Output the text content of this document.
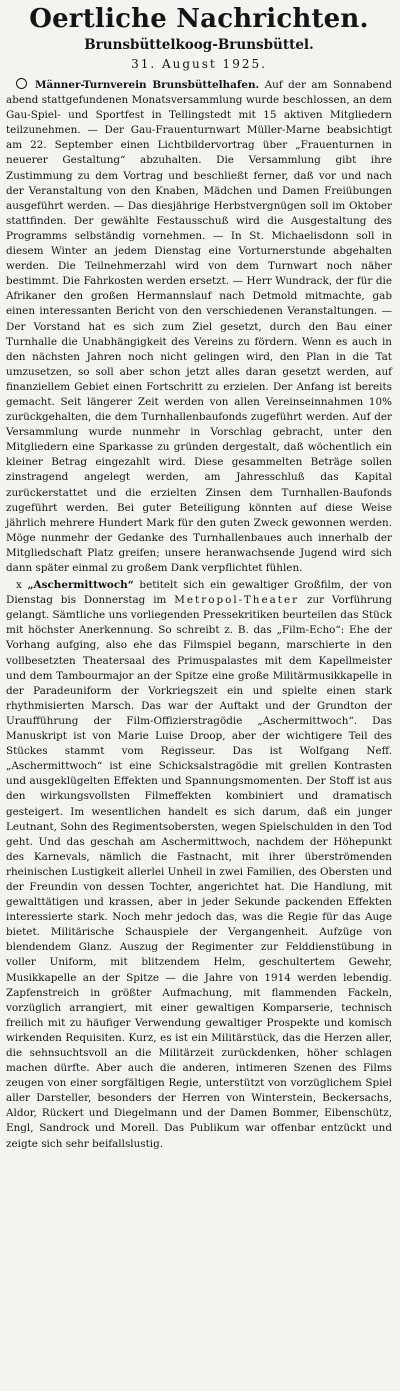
Oertliche Nachrichten.
Brunsbüttelkoog-Brunsbüttel.
31. August 1925.

Männer-Turnverein Brunsbüttelhafen. Auf der am Sonnabend abend stattgefundenen Monatsversammlung wurde beschlossen, an dem Gau-Spiel- und Sportfest in Tellingstedt mit 15 aktiven Mitgliedern teilzunehmen. — Der Gau-Frauenturnwart Müller-Marne beabsichtigt am 22. September einen Lichtbildervortrag über „Frauenturnen in neuerer Gestaltung“ abzuhalten. Die Versammlung gibt ihre Zustimmung zu dem Vortrag und beschließt ferner, daß vor und nach der Veranstaltung von den Knaben, Mädchen und Damen Freiübungen ausgeführt werden. — Das diesjährige Herbstvergnügen soll im Oktober stattfinden. Der gewählte Festausschuß wird die Ausgestaltung des Programms selbständig vornehmen. — In St. Michaelisdonn soll in diesem Winter an jedem Dienstag eine Vorturnerstunde abgehalten werden. Die Teilnehmerzahl wird von dem Turnwart noch näher bestimmt. Die Fahrkosten werden ersetzt. — Herr Wundrack, der für die Afrikaner den großen Hermannslauf nach Detmold mitmachte, gab einen interessanten Bericht von den verschiedenen Veranstaltungen. — Der Vorstand hat es sich zum Ziel gesetzt, durch den Bau einer Turnhalle die Unabhängigkeit des Vereins zu fördern. Wenn es auch in den nächsten Jahren noch nicht gelingen wird, den Plan in die Tat umzusetzen, so soll aber schon jetzt alles daran gesetzt werden, auf finanziellem Gebiet einen Fortschritt zu erzielen. Der Anfang ist bereits gemacht. Seit längerer Zeit werden von allen Vereinseinnahmen 10% zurückgehalten, die dem Turnhallenbaufonds zugeführt werden. Auf der Versammlung wurde nunmehr in Vorschlag gebracht, unter den Mitgliedern eine Sparkasse zu gründen dergestalt, daß wöchentlich ein kleiner Betrag eingezahlt wird. Diese gesammelten Beträge sollen zinstragend angelegt werden, am Jahresschluß das Kapital zurückerstattet und die erzielten Zinsen dem Turnhallen-Baufonds zugeführt werden. Bei guter Beteiligung könnten auf diese Weise jährlich mehrere Hundert Mark für den guten Zweck gewonnen werden. Möge nunmehr der Gedanke des Turnhallenbaues auch innerhalb der Mitgliedschaft Platz greifen; unsere heranwachsende Jugend wird sich dann später einmal zu großem Dank verpflichtet fühlen.

x „Aschermittwoch“ betitelt sich ein gewaltiger Großfilm, der von Dienstag bis Donnerstag im Metropol-Theater zur Vorführung gelangt. Sämtliche uns vorliegenden Pressekritiken beurteilen das Stück mit höchster Anerkennung. So schreibt z. B. das „Film-Echo“: Ehe der Vorhang aufging, also ehe das Filmspiel begann, marschierte in den vollbesetzten Theatersaal des Primuspalastes mit dem Kapellmeister und dem Tambourmajor an der Spitze eine große Militärmusikkapelle in der Paradeuniform der Vorkriegszeit ein und spielte einen stark rhythmisierten Marsch. Das war der Auftakt und der Grundton der Uraufführung der Film-Offizierstragödie „Aschermittwoch“. Das Manuskript ist von Marie Luise Droop, aber der wichtigere Teil des Stückes stammt vom Regisseur. Das ist Wolfgang Neff. „Aschermittwoch“ ist eine Schicksalstragödie mit grellen Kontrasten und ausgeklügelten Effekten und Spannungsmomenten. Der Stoff ist aus den wirkungsvollsten Filmeffekten kombiniert und dramatisch gesteigert. Im wesentlichen handelt es sich darum, daß ein junger Leutnant, Sohn des Regimentsobersten, wegen Spielschulden in den Tod geht. Und das geschah am Aschermittwoch, nachdem der Höhepunkt des Karnevals, nämlich die Fastnacht, mit ihrer überströmenden rheinischen Lustigkeit allerlei Unheil in zwei Familien, des Obersten und der Freundin von dessen Tochter, angerichtet hat. Die Handlung, mit gewalttätigen und krassen, aber in jeder Sekunde packenden Effekten interessierte stark. Noch mehr jedoch das, was die Regie für das Auge bietet. Militärische Schauspiele der Vergangenheit. Aufzüge von blendendem Glanz. Auszug der Regimenter zur Felddienstübung in voller Uniform, mit blitzendem Helm, geschultertem Gewehr, Musikkapelle an der Spitze — die Jahre von 1914 werden lebendig. Zapfenstreich in größter Aufmachung, mit flammenden Fackeln, vorzüglich arrangiert, mit einer gewaltigen Komparserie, technisch freilich mit zu häufiger Verwendung gewaltiger Prospekte und komisch wirkenden Requisiten. Kurz, es ist ein Militärstück, das die Herzen aller, die sehnsuchtsvoll an die Militärzeit zurückdenken, höher schlagen machen dürfte. Aber auch die anderen, intimeren Szenen des Films zeugen von einer sorgfältigen Regie, unterstützt von vorzüglichem Spiel aller Darsteller, besonders der Herren von Winterstein, Beckersachs, Aldor, Rückert und Diegelmann und der Damen Bommer, Eibenschütz, Engl, Sandrock und Morell. Das Publikum war offenbar entzückt und zeigte sich sehr beifallslustig.
